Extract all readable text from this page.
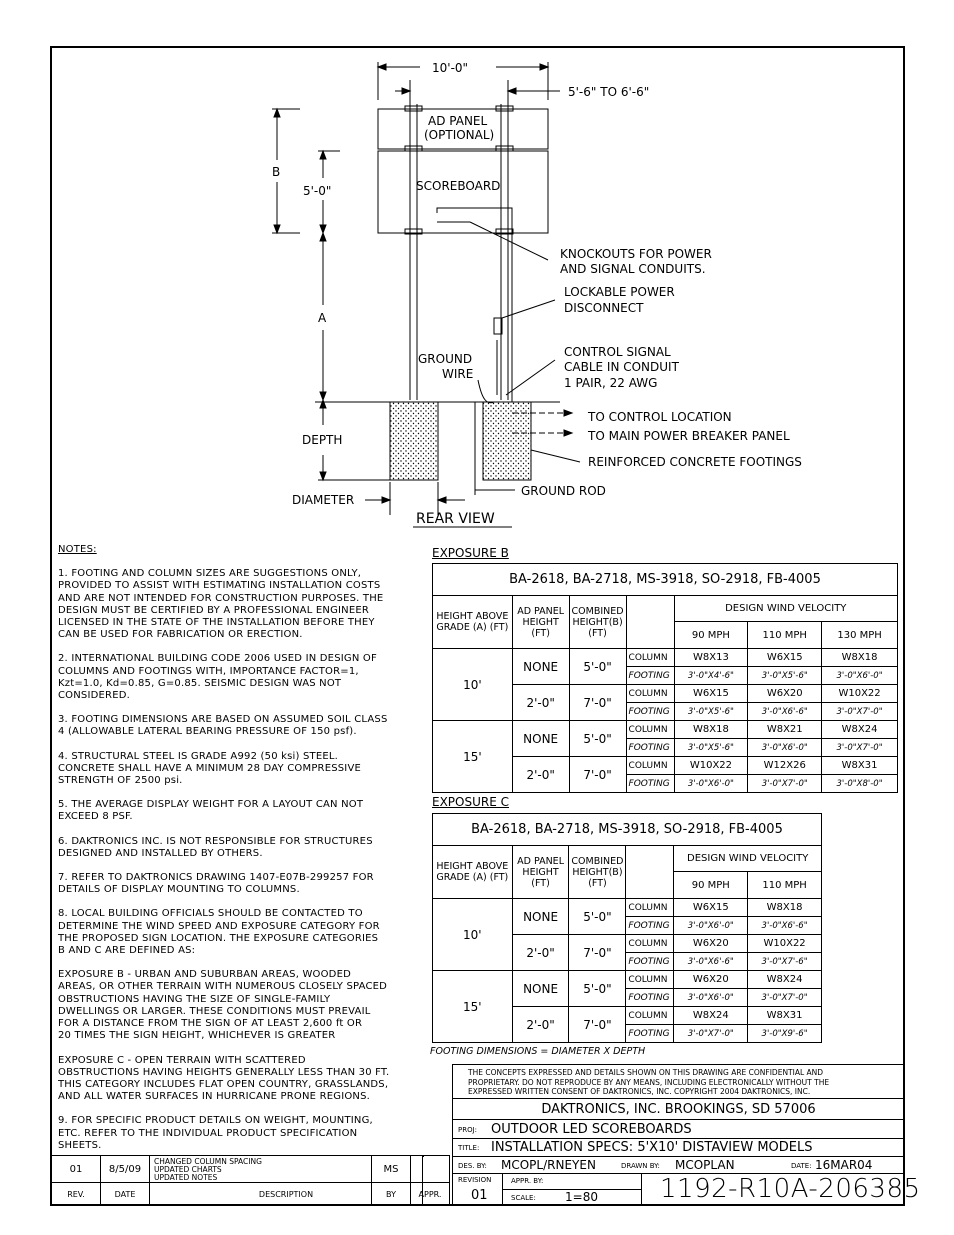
10'-0"
5'-6" TO 6'-6"
AD PANEL
(OPTIONAL)
SCOREBOARD
B
5'-0"
A
DEPTH
DIAMETER
GROUND
WIRE
KNOCKOUTS FOR POWER
AND SIGNAL CONDUITS.
LOCKABLE POWER
DISCONNECT
CONTROL SIGNAL
CABLE IN CONDUIT
1 PAIR, 22 AWG
TO CONTROL LOCATION
TO MAIN POWER BREAKER PANEL
REINFORCED CONCRETE FOOTINGS
GROUND ROD
REAR VIEW

NOTES:

1. FOOTING AND COLUMN SIZES ARE SUGGESTIONS ONLY,
PROVIDED TO ASSIST WITH ESTIMATING INSTALLATION COSTS
AND ARE NOT INTENDED FOR CONSTRUCTION PURPOSES. THE
DESIGN MUST BE CERTIFIED BY A PROFESSIONAL ENGINEER
LICENSED IN THE STATE OF THE INSTALLATION BEFORE THEY
CAN BE USED FOR FABRICATION OR ERECTION.

2. INTERNATIONAL BUILDING CODE 2006 USED IN DESIGN OF
COLUMNS AND FOOTINGS WITH, IMPORTANCE FACTOR=1,
Kzt=1.0, Kd=0.85, G=0.85. SEISMIC DESIGN WAS NOT
CONSIDERED.

3. FOOTING DIMENSIONS ARE BASED ON ASSUMED SOIL CLASS
4 (ALLOWABLE LATERAL BEARING PRESSURE OF 150 psf).

4. STRUCTURAL STEEL IS GRADE A992 (50 ksi) STEEL.
CONCRETE SHALL HAVE A MINIMUM 28 DAY COMPRESSIVE
STRENGTH OF 2500 psi.

5. THE AVERAGE DISPLAY WEIGHT FOR A LAYOUT CAN NOT
EXCEED 8 PSF.

6. DAKTRONICS INC. IS NOT RESPONSIBLE FOR STRUCTURES
DESIGNED AND INSTALLED BY OTHERS.

7. REFER TO DAKTRONICS DRAWING 1407-E07B-299257 FOR
DETAILS OF DISPLAY MOUNTING TO COLUMNS.

8. LOCAL BUILDING OFFICIALS SHOULD BE CONTACTED TO
DETERMINE THE WIND SPEED AND EXPOSURE CATEGORY FOR
THE PROPOSED SIGN LOCATION. THE EXPOSURE CATEGORIES
B AND C ARE DEFINED AS:

EXPOSURE B - URBAN AND SUBURBAN AREAS, WOODED
AREAS, OR OTHER TERRAIN WITH NUMEROUS CLOSELY SPACED
OBSTRUCTIONS HAVING THE SIZE OF SINGLE-FAMILY
DWELLINGS OR LARGER. THESE CONDITIONS MUST PREVAIL
FOR A DISTANCE FROM THE SIGN OF AT LEAST 2,600 ft OR
20 TIMES THE SIGN HEIGHT, WHICHEVER IS GREATER

EXPOSURE C - OPEN TERRAIN WITH SCATTERED
OBSTRUCTIONS HAVING HEIGHTS GENERALLY LESS THAN 30 FT.
THIS CATEGORY INCLUDES FLAT OPEN COUNTRY, GRASSLANDS,
AND ALL WATER SURFACES IN HURRICANE PRONE REGIONS.

9. FOR SPECIFIC PRODUCT DETAILS ON WEIGHT, MOUNTING,
ETC. REFER TO THE INDIVIDUAL PRODUCT SPECIFICATION
SHEETS.

EXPOSURE B
BA-2618, BA-2718, MS-3918, SO-2918, FB-4005						
HEIGHT ABOVE GRADE (A) (FT)	AD PANEL HEIGHT (FT)	COMBINED HEIGHT(B) (FT)		DESIGN WIND VELOCITY		
				90 MPH	110 MPH	130 MPH
10'	NONE	5'-0"	COLUMN	W8X13	W6X15	W8X18
			FOOTING	3'-0"X4'-6"	3'-0"X5'-6"	3'-0"X6'-0"
	2'-0"	7'-0"	COLUMN	W6X15	W6X20	W10X22
			FOOTING	3'-0"X5'-6"	3'-0"X6'-6"	3'-0"X7'-0"
15'	NONE	5'-0"	COLUMN	W8X18	W8X21	W8X24
			FOOTING	3'-0"X5'-6"	3'-0"X6'-0"	3'-0"X7'-0"
	2'-0"	7'-0"	COLUMN	W10X22	W12X26	W8X31
			FOOTING	3'-0"X6'-0"	3'-0"X7'-0"	3'-0"X8'-0"
EXPOSURE C
BA-2618, BA-2718, MS-3918, SO-2918, FB-4005					
HEIGHT ABOVE GRADE (A) (FT)	AD PANEL HEIGHT (FT)	COMBINED HEIGHT(B) (FT)		DESIGN WIND VELOCITY	
				90 MPH	110 MPH
10'	NONE	5'-0"	COLUMN	W6X15	W8X18
			FOOTING	3'-0"X6'-0"	3'-0"X6'-6"
	2'-0"	7'-0"	COLUMN	W6X20	W10X22
			FOOTING	3'-0"X6'-6"	3'-0"X7'-6"
15'	NONE	5'-0"	COLUMN	W6X20	W8X24
			FOOTING	3'-0"X6'-0"	3'-0"X7'-0"
	2'-0"	7'-0"	COLUMN	W8X24	W8X31
			FOOTING	3'-0"X7'-0"	3'-0"X9'-6"
FOOTING DIMENSIONS = DIAMETER X DEPTH
01	8/5/09
CHANGED COLUMN SPACING
UPDATED CHARTS
UPDATED NOTES
REV.	DATE	DESCRIPTION
MS
BY	APPR.
THE CONCEPTS EXPRESSED AND DETAILS SHOWN ON THIS DRAWING ARE CONFIDENTIAL AND
PROPRIETARY. DO NOT REPRODUCE BY ANY MEANS, INCLUDING ELECTRONICALLY WITHOUT THE
EXPRESSED WRITTEN CONSENT OF DAKTRONICS, INC. COPYRIGHT 2004 DAKTRONICS, INC.
DAKTRONICS, INC. BROOKINGS, SD 57006
PROJ: OUTDOOR LED SCOREBOARDS
TITLE: INSTALLATION SPECS: 5'X10' DISTAVIEW MODELS
DES. BY: MCOPL/RNEYEN	DRAWN BY: MCOPLAN	DATE: 16MAR04
REVISION
01
APPR. BY:
SCALE: 1=80 1192-R10A-206385
